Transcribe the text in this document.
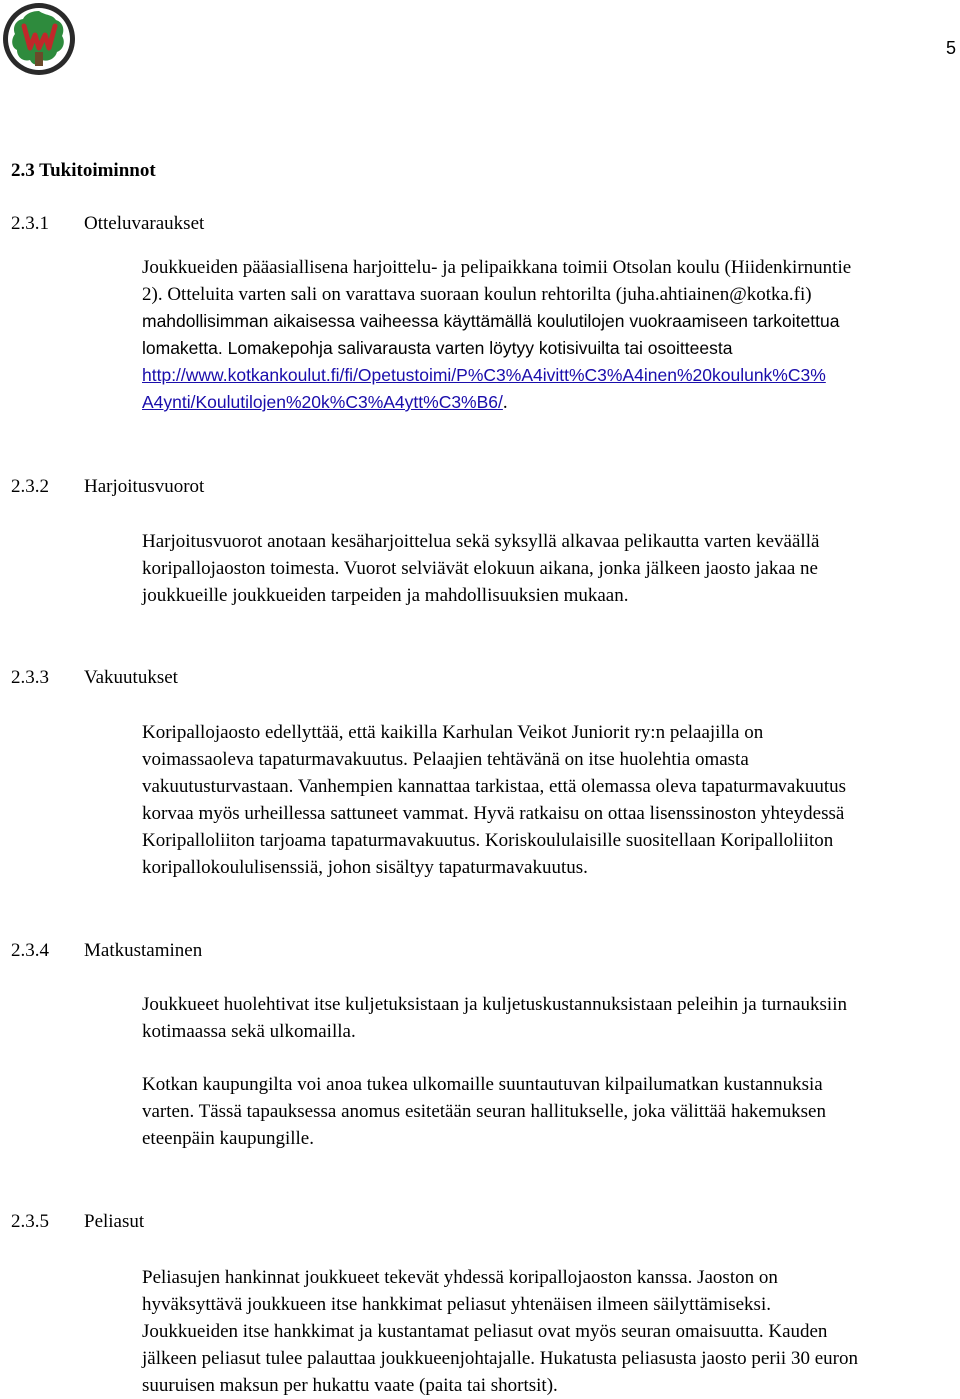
5
2.3 Tukitoiminnot
2.3.1 Otteluvaraukset
Joukkueiden pääasiallisena harjoittelu- ja pelipaikkana toimii Otsolan koulu (Hiidenkirnuntie
2). Otteluita varten sali on varattava suoraan koulun rehtorilta (juha.ahtiainen@kotka.fi)
mahdollisimman aikaisessa vaiheessa käyttämällä koulutilojen vuokraamiseen tarkoitettua
lomaketta. Lomakepohja salivarausta varten löytyy kotisivuilta tai osoitteesta
http://www.kotkankoulut.fi/fi/Opetustoimi/P%C3%A4ivitt%C3%A4inen%20koulunk%C3%
A4ynti/Koulutilojen%20k%C3%A4ytt%C3%B6/.
2.3.2 Harjoitusvuorot
Harjoitusvuorot anotaan kesäharjoittelua sekä syksyllä alkavaa pelikautta varten keväällä
koripallojaoston toimesta. Vuorot selviävät elokuun aikana, jonka jälkeen jaosto jakaa ne
joukkueille joukkueiden tarpeiden ja mahdollisuuksien mukaan.
2.3.3 Vakuutukset
Koripallojaosto edellyttää, että kaikilla Karhulan Veikot Juniorit ry:n pelaajilla on
voimassaoleva tapaturmavakuutus. Pelaajien tehtävänä on itse huolehtia omasta
vakuutusturvastaan. Vanhempien kannattaa tarkistaa, että olemassa oleva tapaturmavakuutus
korvaa myös urheillessa sattuneet vammat. Hyvä ratkaisu on ottaa lisenssinoston yhteydessä
Koripalloliiton tarjoama tapaturmavakuutus. Koriskoululaisille suositellaan Koripalloliiton
koripallokoululisenssiä, johon sisältyy tapaturmavakuutus.
2.3.4 Matkustaminen
Joukkueet huolehtivat itse kuljetuksistaan ja kuljetuskustannuksistaan peleihin ja turnauksiin
kotimaassa sekä ulkomailla.
Kotkan kaupungilta voi anoa tukea ulkomaille suuntautuvan kilpailumatkan kustannuksia
varten. Tässä tapauksessa anomus esitetään seuran hallitukselle, joka välittää hakemuksen
eteenpäin kaupungille.
2.3.5 Peliasut
Peliasujen hankinnat joukkueet tekevät yhdessä koripallojaoston kanssa. Jaoston on
hyväksyttävä joukkueen itse hankkimat peliasut yhtenäisen ilmeen säilyttämiseksi.
Joukkueiden itse hankkimat ja kustantamat peliasut ovat myös seuran omaisuutta. Kauden
jälkeen peliasut tulee palauttaa joukkueenjohtajalle. Hukatusta peliasusta jaosto perii 30 euron
suuruisen maksun per hukattu vaate (paita tai shortsit).
